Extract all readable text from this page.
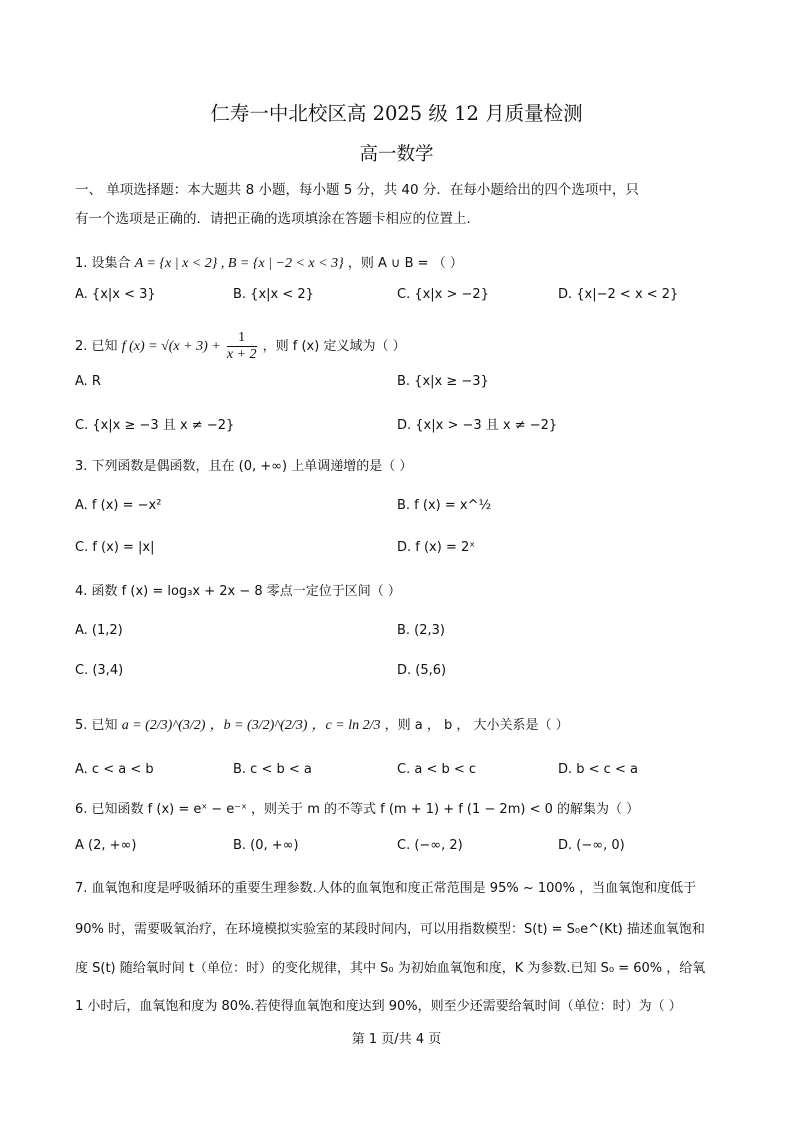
仁寿一中北校区高 2025 级 12 月质量检测
高一数学
一、 单项选择题：本大题共 8 小题，每小题 5 分，共 40 分．在每小题给出的四个选项中，只
有一个选项是正确的．请把正确的选项填涂在答题卡相应的位置上．
1. 设集合 A = {x | x < 2} , B = {x | −2 < x < 3} ，则 A ∪ B = （ ）
A. {x|x < 3}	B. {x|x < 2}	C. {x|x > −2}	D. {x|−2 < x < 2}
2. 已知 f $(x) = √(x + 3) + \frac{1}{x + 2}$ ，则 f (x) 定义域为（ ）
A. R	B. {x|x ≥ −3}
C. {x|x ≥ −3 且 x ≠ −2}	D. {x|x > −3 且 x ≠ −2}
3. 下列函数是偶函数，且在 (0, +∞) 上单调递增的是（ ）
A. f (x) = −x²	B. f (x) = x^½
C. f (x) = |x|	D. f (x) = 2ˣ
4. 函数 f (x) = log₃x + 2x − 8 零点一定位于区间（ ）
A. (1,2)	B. (2,3)
C. (3,4)	D. (5,6)
5. 已知 a = (2/3)^(3/2) ，b = (3/2)^(2/3) ，c = ln 2/3 ，则 a ， b ， 大小关系是（ ）
A. c < a < b	B. c < b < a	C. a < b < c	D. b < c < a
6. 已知函数 f (x) = eˣ − e⁻ˣ ，则关于 m 的不等式 f (m + 1) + f (1 − 2m) < 0 的解集为（ ）
A (2, +∞)	B. (0, +∞)	C. (−∞, 2)	D. (−∞, 0)
7. 血氧饱和度是呼吸循环的重要生理参数.人体的血氧饱和度正常范围是 95% ~ 100% ，当血氧饱和度低于
90% 时，需要吸氧治疗，在环境模拟实验室的某段时间内，可以用指数模型：S(t) = S₀e^(Kt) 描述血氧饱和
度 S(t) 随给氧时间 t（单位：时）的变化规律，其中 S₀ 为初始血氧饱和度，K 为参数.已知 S₀ = 60% ，给氧
1 小时后，血氧饱和度为 80%.若使得血氧饱和度达到 90%，则至少还需要给氧时间（单位：时）为（ ）
第 1 页/共 4 页
